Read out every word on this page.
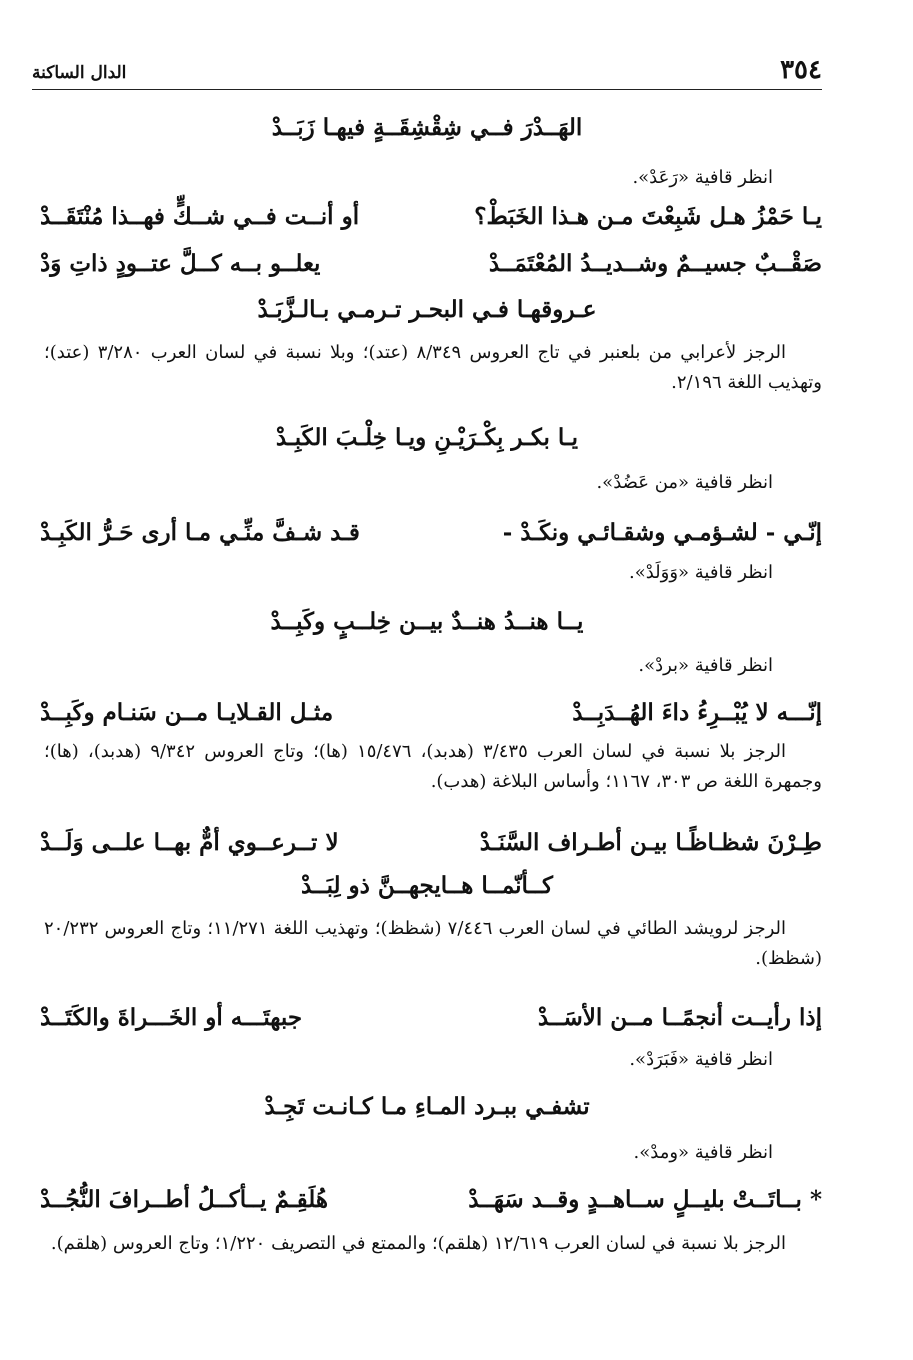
٣٥٤
الدال الساكنة
الهَــدْرَ فــي شِقْشِقَــةٍ فيهـا زَبَــدْ
انظر قافية «رَعَدْ».
يـا حَمْزُ هـل شَبِعْتَ مـن هـذا الخَبَطْ؟
أو أنــت فــي شــكٍّ فهــذا مُنْتَقَــدْ
صَقْــبٌ جسيــمٌ وشــديــدُ المُعْتَمَــدْ
يعلــو بــه كــلَّ عتــودٍ ذاتِ وَدْ
عـروقهـا فـي البحـر تـرمـي بـالـزَّبَـدْ
الرجز لأعرابي من بلعنبر في تاج العروس ٨/٣٤٩ (عتد)؛ وبلا نسبة في لسان العرب ٣/٢٨٠ (عتد)؛ وتهذيب اللغة ٢/١٩٦.
يـا بكـر بِكْـرَيْـنِ ويـا خِلْـبَ الكَبِـدْ
انظر قافية «من عَضُدْ».
إنّـي - لشـؤمـي وشقـائـي ونكَـدْ -
قـد شـفَّ منِّـي مـا أرى حَـرُّ الكَبِـدْ
انظر قافية «وَوَلَدْ».
يــا هنــدُ هنــدٌ بيــن خِلــبٍ وكَبِــدْ
انظر قافية «بردْ».
إنّـــه لا يُبْــرِءُ داءَ الهُــدَبِــدْ
مثـل القـلايـا مــن سَنـام وكَبِــدْ
الرجز بلا نسبة في لسان العرب ٣/٤٣٥ (هدبد)، ١٥/٤٧٦ (ها)؛ وتاج العروس ٩/٣٤٢ (هدبد)، (ها)؛ وجمهرة اللغة ص ٣٠٣، ١١٦٧؛ وأساس البلاغة (هدب).
طِـرْنَ شظـاظًـا بيـن أطـراف السَّنَـدْ
لا تــرعــوي أمٌّ بهــا علــى وَلَــدْ
كــأنّمــا هــايجهــنَّ ذو لِبَــدْ
الرجز لرويشد الطائي في لسان العرب ٧/٤٤٦ (شظظ)؛ وتهذيب اللغة ١١/٢٧١؛ وتاج العروس ٢٠/٢٣٢ (شظظ).
إذا رأيــت أنجمًــا مــن الأسَــدْ
جبهتَـــه أو الخَـــراةَ والكَتَــدْ
انظر قافية «فَبَرَدْ».
تشفـي ببـرد المـاءِ مـا كـانـت تَجِـدْ
انظر قافية «ومدْ».
* بــاتَــتْ بليــلٍ ســاهــدٍ وقــد سَهَــدْ
هُلَقِـمٌ يــأكــلُ أطــرافَ النُّجُــدْ
الرجز بلا نسبة في لسان العرب ١٢/٦١٩ (هلقم)؛ والممتع في التصريف ١/٢٢٠؛ وتاج العروس (هلقم).
